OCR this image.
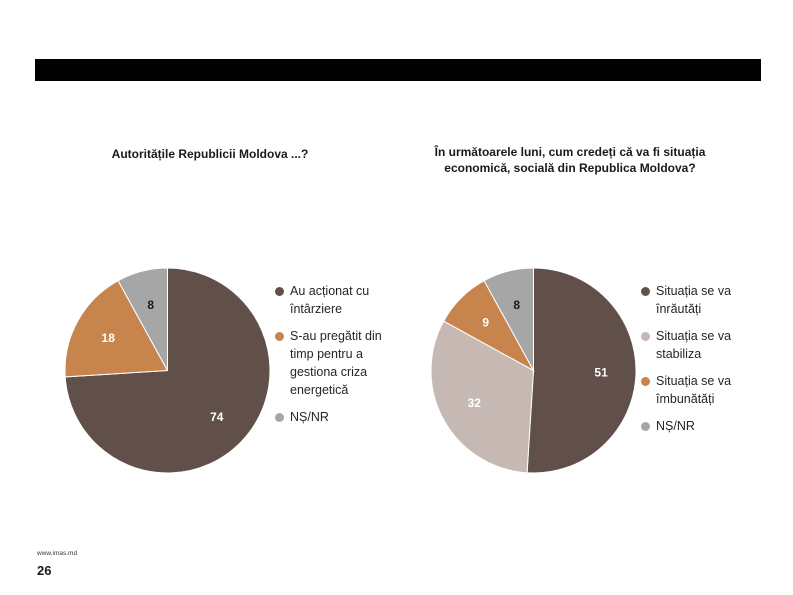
Autoritățile Republicii Moldova ...?	În următoarele luni, cum credeți că va fi situația economică, socială din Republica Moldova?
74
18
8
51
32
9
8
Au acționat cu întârziere
S-au pregătit din timp pentru a gestiona criza energetică
NȘ/NR
Situația se va înrăutăți
Situația se va stabiliza
Situația se va îmbunătăți
NȘ/NR
www.imas.md
26
